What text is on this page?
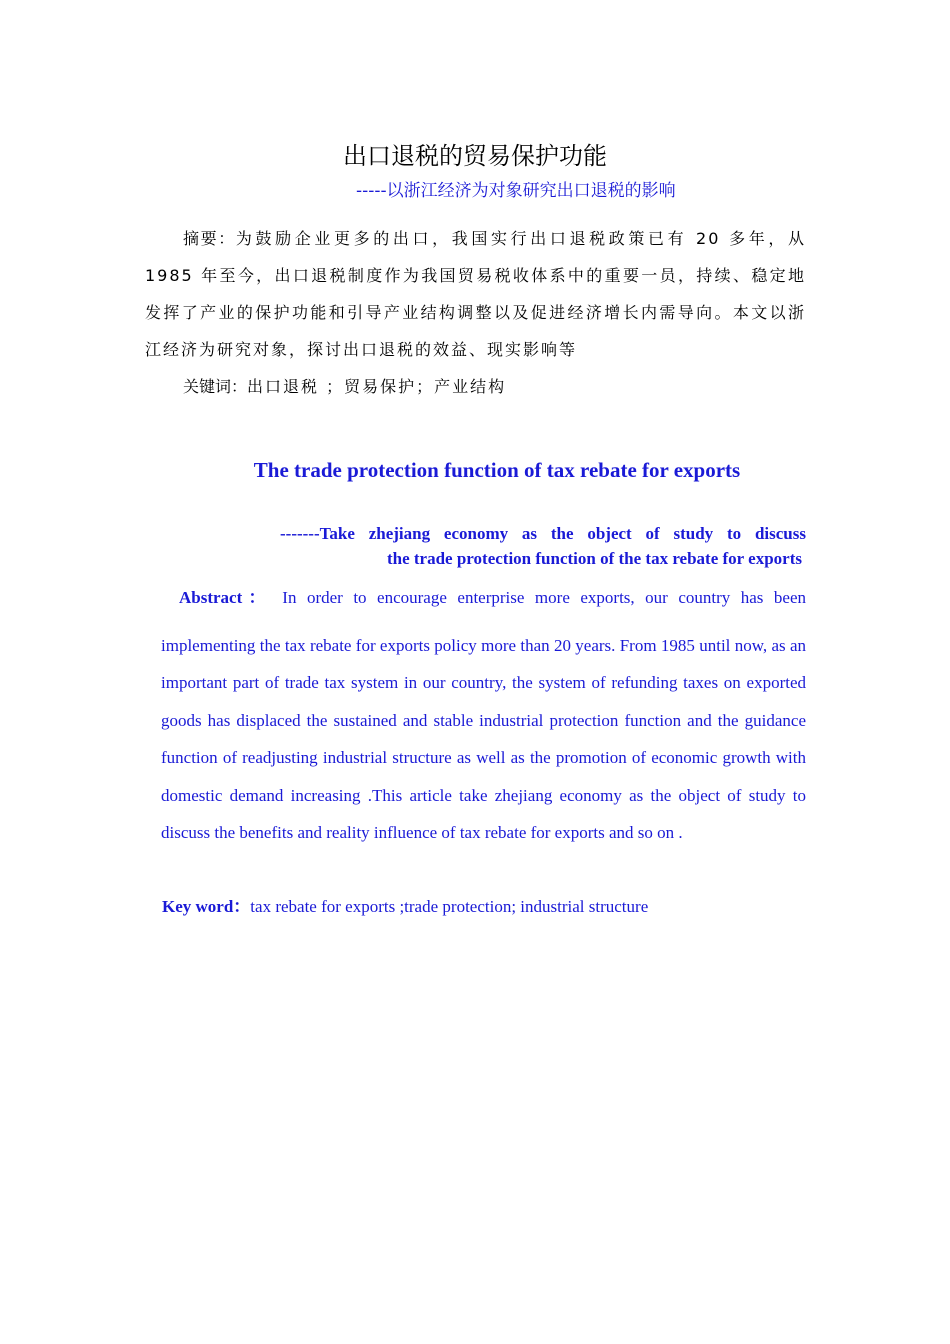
出口退税的贸易保护功能

-----以浙江经济为对象研究出口退税的影响

摘要：为鼓励企业更多的出口，我国实行出口退税政策已有 20 多年，从 1985 年至今，出口退税制度作为我国贸易税收体系中的重要一员，持续、稳定地发挥了产业的保护功能和引导产业结构调整以及促进经济增长内需导向。本文以浙江经济为研究对象，探讨出口退税的效益、现实影响等

关键词：出口退税 ；贸易保护；产业结构

The trade protection function of tax rebate for exports

-------Take zhejiang economy as the object of study to discuss
the trade protection function of the tax rebate for exports

Abstract： In order to encourage enterprise more exports, our country has been

implementing the tax rebate for exports policy more than 20 years. From 1985 until now, as an important part of trade tax system in our country, the system of refunding taxes on exported goods has displaced the sustained and stable industrial protection function and the guidance function of readjusting industrial structure as well as the promotion of economic growth with domestic demand increasing .This article take zhejiang economy as the object of study to discuss the benefits and reality influence of tax rebate for exports and so on .

Key word：tax rebate for exports ;trade protection; industrial structure
